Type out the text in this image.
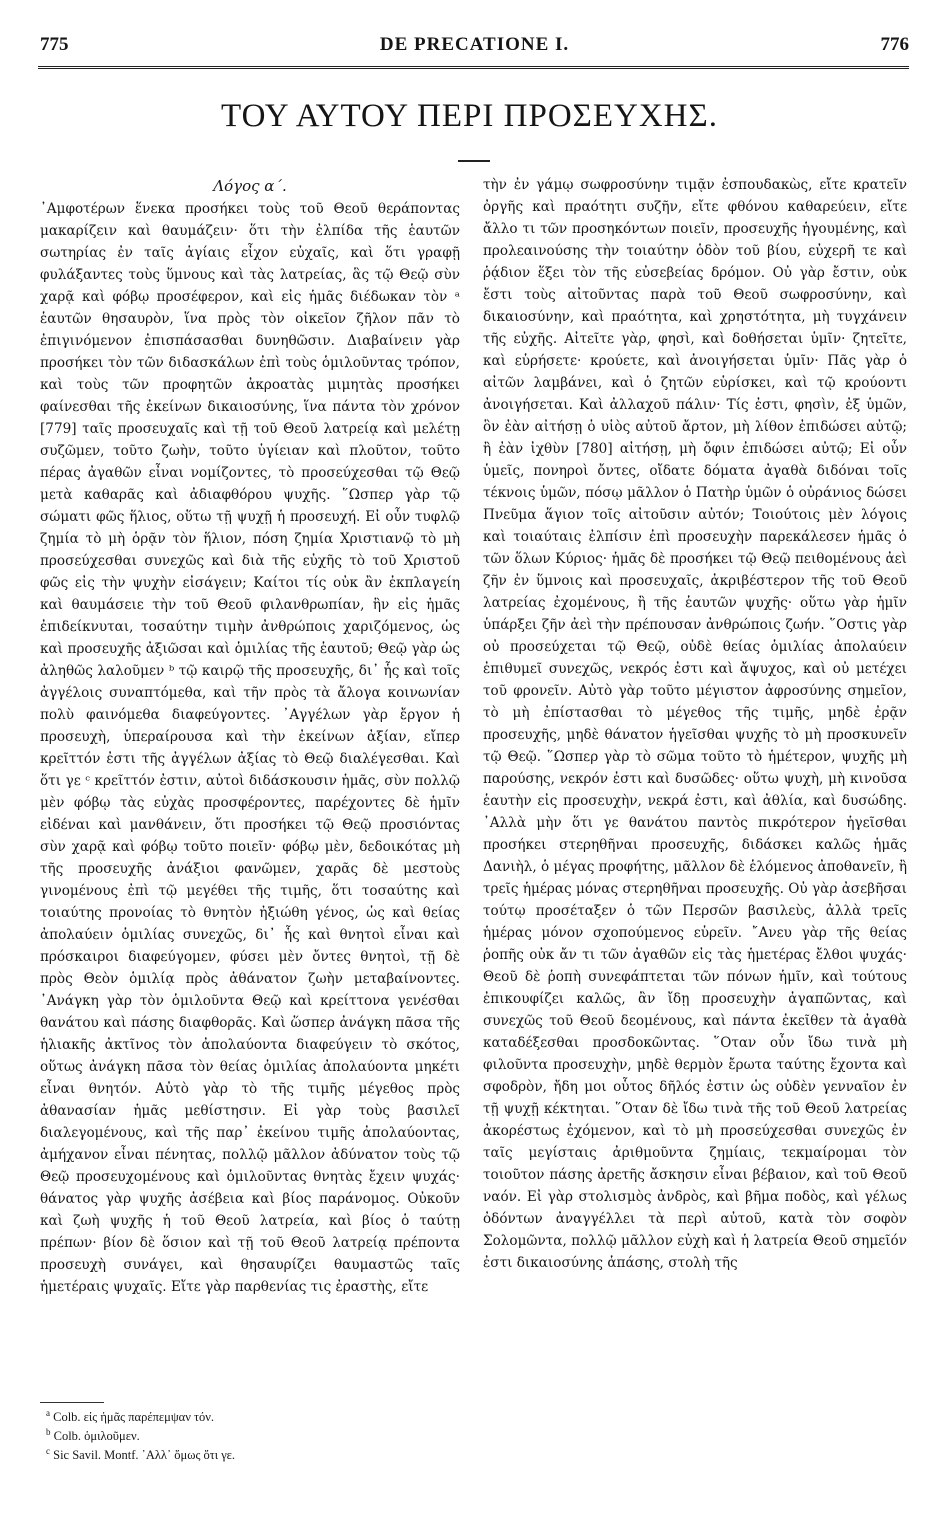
775	DE PRECATIONE I.	776
ΤΟΥ ΑΥΤΟΥ ΠΕΡΙ ΠΡΟΣΕΥΧΗΣ.

Λόγος α΄.

᾿Αμφοτέρων ἕνεκα προσήκει τοὺς τοῦ Θεοῦ θεράποντας μακαρίζειν καὶ θαυμάζειν· ὅτι τὴν ἐλπίδα τῆς ἑαυτῶν σωτηρίας ἐν ταῖς ἁγίαις εἶχον εὐχαῖς, καὶ ὅτι γραφῇ φυλάξαντες τοὺς ὕμνους καὶ τὰς λατρείας, ἃς τῷ Θεῷ σὺν χαρᾷ καὶ φόβῳ προσέφερον, καὶ εἰς ἡμᾶς διέδωκαν τὸν ᵃ ἑαυτῶν θησαυρὸν, ἵνα πρὸς τὸν οἰκεῖον ζῆλον πᾶν τὸ ἐπιγινόμενον ἐπισπάσασθαι δυνηθῶσιν. Διαβαίνειν γὰρ προσήκει τὸν τῶν διδασκάλων ἐπὶ τοὺς ὁμιλοῦντας τρόπον, καὶ τοὺς τῶν προφητῶν ἀκροατὰς μιμητὰς προσήκει φαίνεσθαι τῆς ἐκείνων δικαιοσύνης, ἵνα πάντα τὸν χρόνον [779] ταῖς προσευχαῖς καὶ τῇ τοῦ Θεοῦ λατρείᾳ καὶ μελέτῃ συζῶμεν, τοῦτο ζωὴν, τοῦτο ὑγίειαν καὶ πλοῦτον, τοῦτο πέρας ἀγαθῶν εἶναι νομίζοντες, τὸ προσεύχεσθαι τῷ Θεῷ μετὰ καθαρᾶς καὶ ἀδιαφθόρου ψυχῆς. ῞Ωσπερ γὰρ τῷ σώματι φῶς ἥλιος, οὕτω τῇ ψυχῇ ἡ προσευχή. Εἰ οὖν τυφλῷ ζημία τὸ μὴ ὁρᾷν τὸν ἥλιον, πόση ζημία Χριστιανῷ τὸ μὴ προσεύχεσθαι συνεχῶς καὶ διὰ τῆς εὐχῆς τὸ τοῦ Χριστοῦ φῶς εἰς τὴν ψυχὴν εἰσάγειν; Καίτοι τίς οὐκ ἂν ἐκπλαγείη καὶ θαυμάσειε τὴν τοῦ Θεοῦ φιλανθρωπίαν, ἣν εἰς ἡμᾶς ἐπιδείκνυται, τοσαύτην τιμὴν ἀνθρώποις χαριζόμενος, ὡς καὶ προσευχῆς ἀξιῶσαι καὶ ὁμιλίας τῆς ἑαυτοῦ; Θεῷ γὰρ ὡς ἀληθῶς λαλοῦμεν ᵇ τῷ καιρῷ τῆς προσευχῆς, δι᾿ ἧς καὶ τοῖς ἀγγέλοις συναπτόμεθα, καὶ τῆν πρὸς τὰ ἄλογα κοινωνίαν πολὺ φαινόμεθα διαφεύγοντες. ᾿Αγγέλων γὰρ ἔργον ἡ προσευχὴ, ὑπεραίρουσα καὶ τὴν ἐκείνων ἀξίαν, εἴπερ κρεῖττόν ἐστι τῆς ἀγγέλων ἀξίας τὸ Θεῷ διαλέγεσθαι. Καὶ ὅτι γε ᶜ κρεῖττόν ἐστιν, αὐτοὶ διδάσκουσιν ἡμᾶς, σὺν πολλῷ μὲν φόβῳ τὰς εὐχὰς προσφέροντες, παρέχοντες δὲ ἡμῖν εἰδέναι καὶ μανθάνειν, ὅτι προσήκει τῷ Θεῷ προσιόντας σὺν χαρᾷ καὶ φόβῳ τοῦτο ποιεῖν· φόβῳ μὲν, δεδοικότας μὴ τῆς προσευχῆς ἀνάξιοι φανῶμεν, χαρᾶς δὲ μεστοὺς γινομένους ἐπὶ τῷ μεγέθει τῆς τιμῆς, ὅτι τοσαύτης καὶ τοιαύτης προνοίας τὸ θνητὸν ἠξιώθη γένος, ὡς καὶ θείας ἀπολαύειν ὁμιλίας συνεχῶς, δι᾿ ἧς καὶ θνητοὶ εἶναι καὶ πρόσκαιροι διαφεύγομεν, φύσει μὲν ὄντες θνητοὶ, τῇ δὲ πρὸς Θεὸν ὁμιλίᾳ πρὸς ἀθάνατον ζωὴν μεταβαίνοντες. ᾿Ανάγκη γὰρ τὸν ὁμιλοῦντα Θεῷ καὶ κρείττονα γενέσθαι θανάτου καὶ πάσης διαφθορᾶς. Καὶ ὥσπερ ἀνάγκη πᾶσα τῆς ἡλιακῆς ἀκτῖνος τὸν ἀπολαύοντα διαφεύγειν τὸ σκότος, οὕτως ἀνάγκη πᾶσα τὸν θείας ὁμιλίας ἀπολαύοντα μηκέτι εἶναι θνητόν. Αὐτὸ γὰρ τὸ τῆς τιμῆς μέγεθος πρὸς ἀθανασίαν ἡμᾶς μεθίστησιν. Εἰ γὰρ τοὺς βασιλεῖ διαλεγομένους, καὶ τῆς παρ᾿ ἐκείνου τιμῆς ἀπολαύοντας, ἀμήχανον εἶναι πένητας, πολλῷ μᾶλλον ἀδύνατον τοὺς τῷ Θεῷ προσευχομένους καὶ ὁμιλοῦντας θνητὰς ἔχειν ψυχάς· θάνατος γὰρ ψυχῆς ἀσέβεια καὶ βίος παράνομος. Οὐκοῦν καὶ ζωὴ ψυχῆς ἡ τοῦ Θεοῦ λατρεία, καὶ βίος ὁ ταύτῃ πρέπων· βίον δὲ ὅσιον καὶ τῇ τοῦ Θεοῦ λατρείᾳ πρέποντα προσευχὴ συνάγει, καὶ θησαυρίζει θαυμαστῶς ταῖς ἡμετέραις ψυχαῖς. Εἴτε γὰρ παρθενίας τις ἐραστὴς, εἴτε

τὴν ἐν γάμῳ σωφροσύνην τιμᾷν ἐσπουδακὼς, εἴτε κρατεῖν ὀργῆς καὶ πραότητι συζῆν, εἴτε φθόνου καθαρεύειν, εἴτε ἄλλο τι τῶν προσηκόντων ποιεῖν, προσευχῆς ἡγουμένης, καὶ προλεαινούσης τὴν τοιαύτην ὁδὸν τοῦ βίου, εὐχερῆ τε καὶ ῥᾴδιον ἕξει τὸν τῆς εὐσεβείας δρόμον. Οὐ γὰρ ἔστιν, οὐκ ἔστι τοὺς αἰτοῦντας παρὰ τοῦ Θεοῦ σωφροσύνην, καὶ δικαιοσύνην, καὶ πραότητα, καὶ χρηστότητα, μὴ τυγχάνειν τῆς εὐχῆς. Αἰτεῖτε γὰρ, φησὶ, καὶ δοθήσεται ὑμῖν· ζητεῖτε, καὶ εὑρήσετε· κρούετε, καὶ ἀνοιγήσεται ὑμῖν· Πᾶς γὰρ ὁ αἰτῶν λαμβάνει, καὶ ὁ ζητῶν εὑρίσκει, καὶ τῷ κρούοντι ἀνοιγήσεται. Καὶ ἀλλαχοῦ πάλιν· Τίς ἐστι, φησὶν, ἐξ ὑμῶν, ὃν ἐὰν αἰτήσῃ ὁ υἱὸς αὐτοῦ ἄρτον, μὴ λίθον ἐπιδώσει αὐτῷ; ἢ ἐὰν ἰχθὺν [780] αἰτήσῃ, μὴ ὄφιν ἐπιδώσει αὐτῷ; Εἰ οὖν ὑμεῖς, πονηροὶ ὄντες, οἴδατε δόματα ἀγαθὰ διδόναι τοῖς τέκνοις ὑμῶν, πόσῳ μᾶλλον ὁ Πατὴρ ὑμῶν ὁ οὐράνιος δώσει Πνεῦμα ἅγιον τοῖς αἰτοῦσιν αὐτόν; Τοιούτοις μὲν λόγοις καὶ τοιαύταις ἐλπίσιν ἐπὶ προσευχὴν παρεκάλεσεν ἡμᾶς ὁ τῶν ὅλων Κύριος· ἡμᾶς δὲ προσήκει τῷ Θεῷ πειθομένους ἀεὶ ζῆν ἐν ὕμνοις καὶ προσευχαῖς, ἀκριβέστερον τῆς τοῦ Θεοῦ λατρείας ἐχομένους, ἢ τῆς ἑαυτῶν ψυχῆς· οὕτω γὰρ ἡμῖν ὑπάρξει ζῆν ἀεὶ τὴν πρέπουσαν ἀνθρώποις ζωήν. ῞Οστις γὰρ οὐ προσεύχεται τῷ Θεῷ, οὐδὲ θείας ὁμιλίας ἀπολαύειν ἐπιθυμεῖ συνεχῶς, νεκρός ἐστι καὶ ἄψυχος, καὶ οὐ μετέχει τοῦ φρονεῖν. Αὐτὸ γὰρ τοῦτο μέγιστον ἀφροσύνης σημεῖον, τὸ μὴ ἐπίστασθαι τὸ μέγεθος τῆς τιμῆς, μηδὲ ἐρᾷν προσευχῆς, μηδὲ θάνατον ἡγεῖσθαι ψυχῆς τὸ μὴ προσκυνεῖν τῷ Θεῷ. ῞Ωσπερ γὰρ τὸ σῶμα τοῦτο τὸ ἡμέτερον, ψυχῆς μὴ παρούσης, νεκρόν ἐστι καὶ δυσῶδες· οὕτω ψυχὴ, μὴ κινοῦσα ἑαυτὴν εἰς προσευχὴν, νεκρά ἐστι, καὶ ἀθλία, καὶ δυσώδης. ᾿Αλλὰ μὴν ὅτι γε θανάτου παντὸς πικρότερον ἡγεῖσθαι προσήκει στερηθῆναι προσευχῆς, διδάσκει καλῶς ἡμᾶς Δανιὴλ, ὁ μέγας προφήτης, μᾶλλον δὲ ἑλόμενος ἀποθανεῖν, ἢ τρεῖς ἡμέρας μόνας στερηθῆναι προσευχῆς. Οὐ γὰρ ἀσεβῆσαι τούτῳ προσέταξεν ὁ τῶν Περσῶν βασιλεὺς, ἀλλὰ τρεῖς ἡμέρας μόνον σχοπούμενος εὑρεῖν. ῎Ανευ γὰρ τῆς θείας ῥοπῆς οὐκ ἄν τι τῶν ἀγαθῶν εἰς τὰς ἡμετέρας ἔλθοι ψυχάς· Θεοῦ δὲ ῥοπὴ συνεφάπτεται τῶν πόνων ἡμῖν, καὶ τούτους ἐπικουφίζει καλῶς, ἂν ἴδῃ προσευχὴν ἀγαπῶντας, καὶ συνεχῶς τοῦ Θεοῦ δεομένους, καὶ πάντα ἐκεῖθεν τὰ ἀγαθὰ καταδέξεσθαι προσδοκῶντας. ῞Οταν οὖν ἴδω τινὰ μὴ φιλοῦντα προσευχὴν, μηδὲ θερμὸν ἔρωτα ταύτης ἔχοντα καὶ σφοδρὸν, ἤδη μοι οὗτος δῆλός ἐστιν ὡς οὐδὲν γενναῖον ἐν τῇ ψυχῇ κέκτηται. ῞Οταν δὲ ἴδω τινὰ τῆς τοῦ Θεοῦ λατρείας ἀκορέστως ἐχόμενον, καὶ τὸ μὴ προσεύχεσθαι συνεχῶς ἐν ταῖς μεγίσταις ἀριθμοῦντα ζημίαις, τεκμαίρομαι τὸν τοιοῦτον πάσης ἀρετῆς ἄσκησιν εἶναι βέβαιον, καὶ τοῦ Θεοῦ ναόν. Εἰ γὰρ στολισμὸς ἀνδρὸς, καὶ βῆμα ποδὸς, καὶ γέλως ὀδόντων ἀναγγέλλει τὰ περὶ αὐτοῦ, κατὰ τὸν σοφὸν Σολομῶντα, πολλῷ μᾶλλον εὐχὴ καὶ ἡ λατρεία Θεοῦ σημεῖόν ἐστι δικαιοσύνης ἁπάσης, στολὴ τῆς

$^a$ Colb. εἰς ἡμᾶς παρέπεμψαν τόν.
$^b$ Colb. ὁμιλοῦμεν.
$^c$ Sic Savil. Montf. ᾿Αλλ᾿ ὅμως ὅτι γε.
